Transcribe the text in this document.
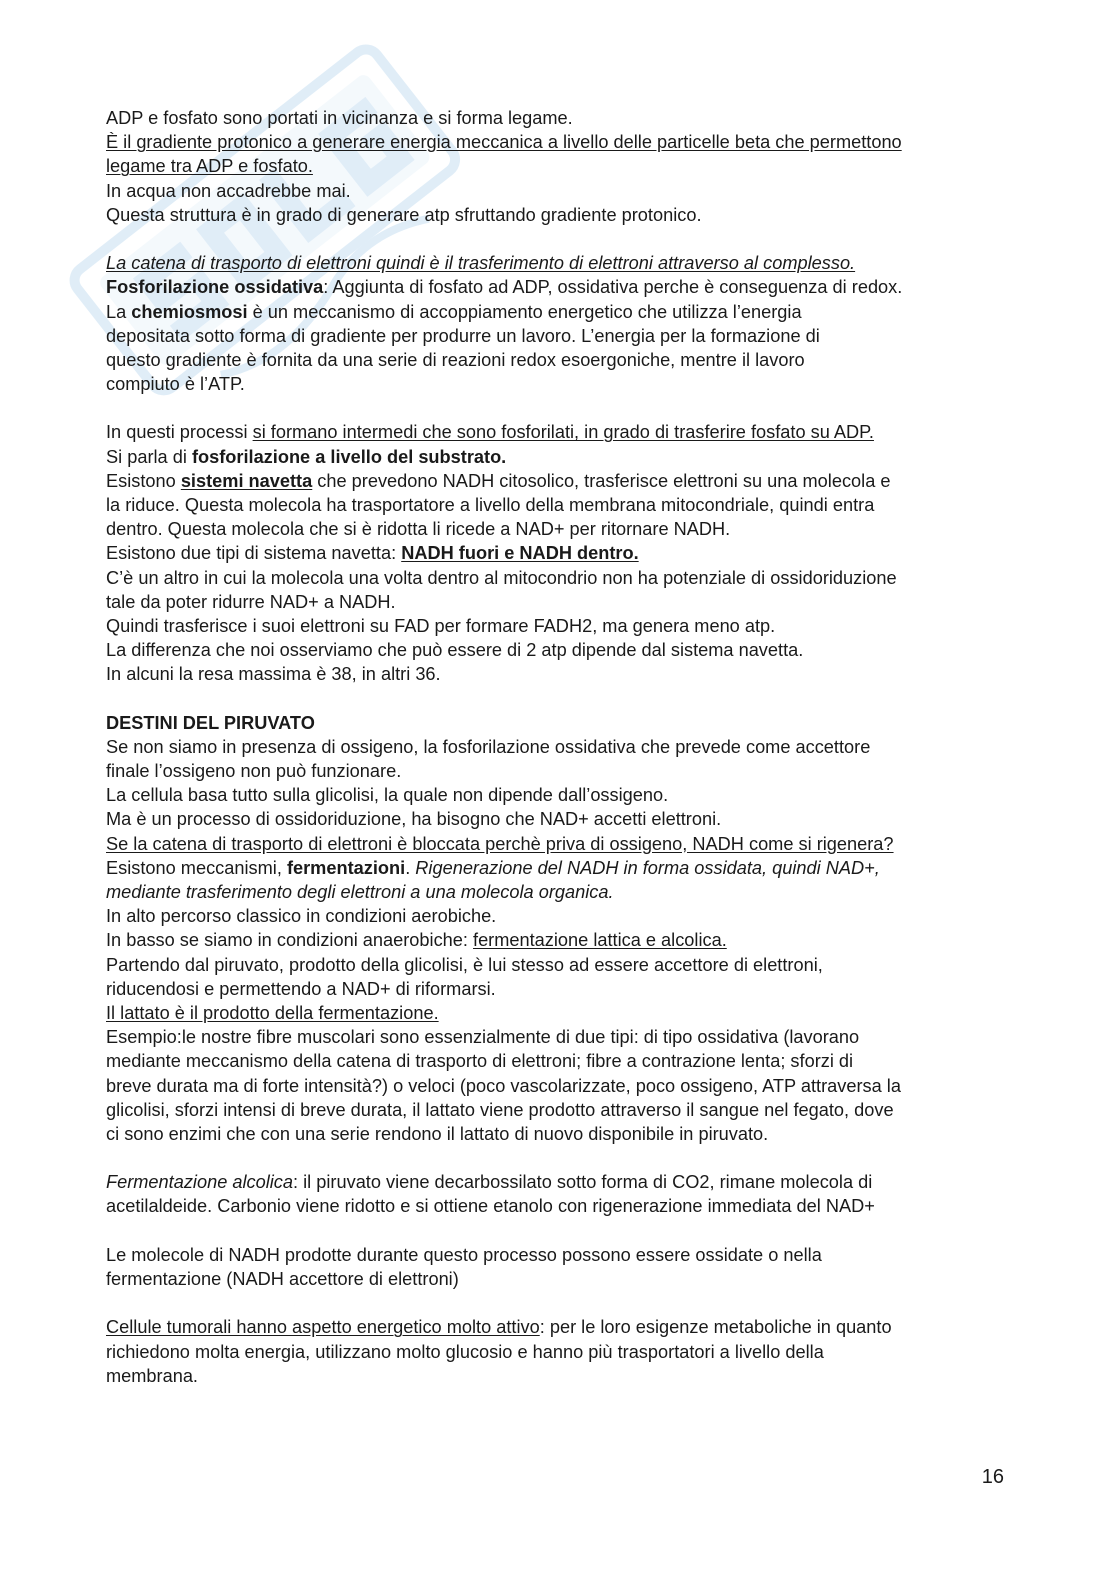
ADP e fosfato sono portati in vicinanza e si forma legame.
È il gradiente protonico a generare energia meccanica a livello delle particelle beta che permettono
legame tra ADP e fosfato.
In acqua non accadrebbe mai.
Questa struttura è in grado di generare atp sfruttando gradiente protonico.
La catena di trasporto di elettroni quindi è il trasferimento di elettroni attraverso al complesso.
Fosforilazione ossidativa: Aggiunta di fosfato ad ADP, ossidativa perche è conseguenza di redox.
La chemiosmosi è un meccanismo di accoppiamento energetico che utilizza l’energia
depositata sotto forma di gradiente per produrre un lavoro. L’energia per la formazione di
questo gradiente è fornita da una serie di reazioni redox esoergoniche, mentre il lavoro
compiuto è l’ATP.
In questi processi si formano intermedi che sono fosforilati, in grado di trasferire fosfato su ADP.
Si parla di fosforilazione a livello del substrato.
Esistono sistemi navetta che prevedono NADH citosolico, trasferisce elettroni su una molecola e
la riduce. Questa molecola ha trasportatore a livello della membrana mitocondriale, quindi entra
dentro. Questa molecola che si è ridotta li ricede a NAD+ per ritornare NADH.
Esistono due tipi di sistema navetta: NADH fuori e NADH dentro.
C’è un altro in cui la molecola una volta dentro al mitocondrio non ha potenziale di ossidoriduzione
tale da poter ridurre NAD+ a NADH.
Quindi trasferisce i suoi elettroni su FAD per formare FADH2, ma genera meno atp.
La differenza che noi osserviamo che può essere di 2 atp dipende dal sistema navetta.
In alcuni la resa massima è 38, in altri 36.
DESTINI DEL PIRUVATO
Se non siamo in presenza di ossigeno, la fosforilazione ossidativa che prevede come accettore
finale l’ossigeno non può funzionare.
La cellula basa tutto sulla glicolisi, la quale non dipende dall’ossigeno.
Ma è un processo di ossidoriduzione, ha bisogno che NAD+ accetti elettroni.
Se la catena di trasporto di elettroni è bloccata perchè priva di ossigeno, NADH come si rigenera?
Esistono meccanismi, fermentazioni. Rigenerazione del NADH in forma ossidata, quindi NAD+,
mediante trasferimento degli elettroni a una molecola organica.
In alto percorso classico in condizioni aerobiche.
In basso se siamo in condizioni anaerobiche: fermentazione lattica e alcolica.
Partendo dal piruvato, prodotto della glicolisi, è lui stesso ad essere accettore di elettroni,
riducendosi e permettendo a NAD+ di riformarsi.
Il lattato è il prodotto della fermentazione.
Esempio:le nostre fibre muscolari sono essenzialmente di due tipi: di tipo ossidativa (lavorano
mediante meccanismo della catena di trasporto di elettroni; fibre a contrazione lenta; sforzi di
breve durata ma di forte intensità?) o veloci (poco vascolarizzate, poco ossigeno, ATP attraversa la
glicolisi, sforzi intensi di breve durata, il lattato viene prodotto attraverso il sangue nel fegato, dove
ci sono enzimi che con una serie rendono il lattato di nuovo disponibile in piruvato.
Fermentazione alcolica: il piruvato viene decarbossilato sotto forma di CO2, rimane molecola di
acetilaldeide. Carbonio viene ridotto e si ottiene etanolo con rigenerazione immediata del NAD+
Le molecole di NADH prodotte durante questo processo possono essere ossidate o nella
fermentazione (NADH accettore di elettroni)
Cellule tumorali hanno aspetto energetico molto attivo: per le loro esigenze metaboliche in quanto
richiedono molta energia, utilizzano molto glucosio e hanno più trasportatori a livello della
membrana.
16
